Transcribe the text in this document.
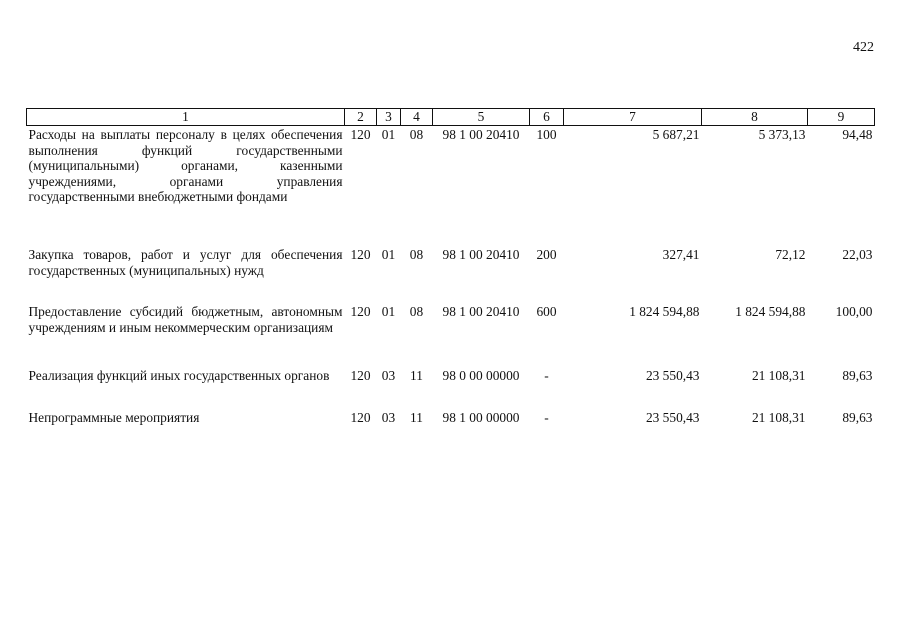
422
1	2	3	4	5	6	7	8	9
Расходы на выплаты персоналу в целях обеспечения выполнения функций государственными (муниципальными) органами, казенными учреждениями, органами управления государственными внебюджетными фондами	120	01	08	98 1 00 20410	100	5 687,21	5 373,13	94,48
Закупка товаров, работ и услуг для обеспечения государственных (муниципальных) нужд	120	01	08	98 1 00 20410	200	327,41	72,12	22,03
Предоставление субсидий бюджетным, автономным учреждениям и иным некоммерческим организациям	120	01	08	98 1 00 20410	600	1 824 594,88	1 824 594,88	100,00
Реализация функций иных государственных органов	120	03	11	98 0 00 00000	-	23 550,43	21 108,31	89,63
Непрограммные мероприятия	120	03	11	98 1 00 00000	-	23 550,43	21 108,31	89,63
